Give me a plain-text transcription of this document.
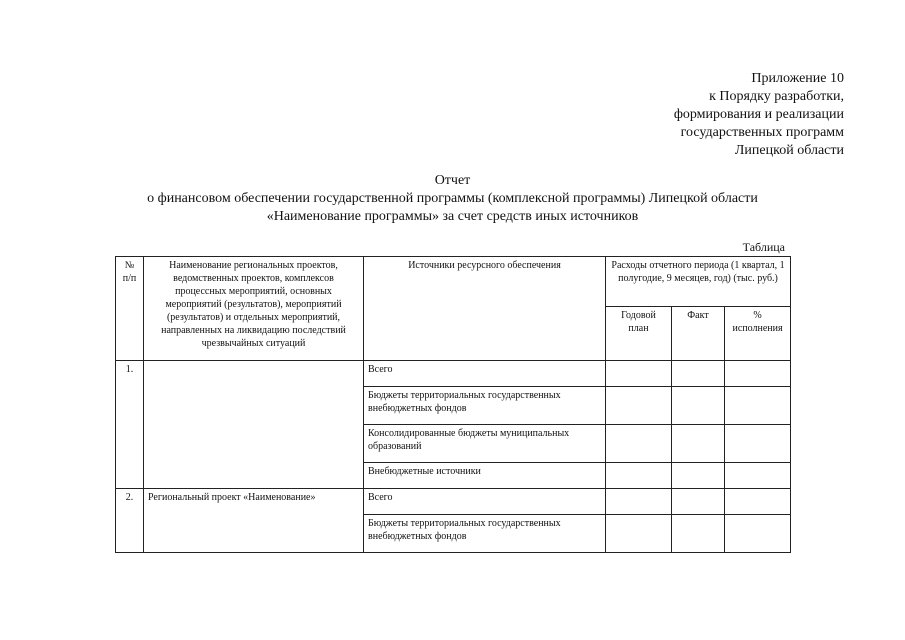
Приложение 10
к Порядку разработки,
формирования и реализации
государственных программ
Липецкой области
Отчет
о финансовом обеспечении государственной программы (комплексной программы) Липецкой области
«Наименование программы» за счет средств иных источников
Таблица
№ п/п	Наименование региональных проектов, ведомственных проектов, комплексов процессных мероприятий, основных мероприятий (результатов), мероприятий (результатов) и отдельных мероприятий, направленных на ликвидацию последствий чрезвычайных ситуаций	Источники ресурсного обеспечения	Расходы отчетного периода (1 квартал, 1 полугодие, 9 месяцев, год) (тыс. руб.)		
			Годовой план	Факт	% исполнения
1.		Всего			
		Бюджеты территориальных государственных внебюджетных фондов			
		Консолидированные бюджеты муниципальных образований			
		Внебюджетные источники			
2.	Региональный проект «Наименование»	Всего			
		Бюджеты территориальных государственных внебюджетных фондов			
